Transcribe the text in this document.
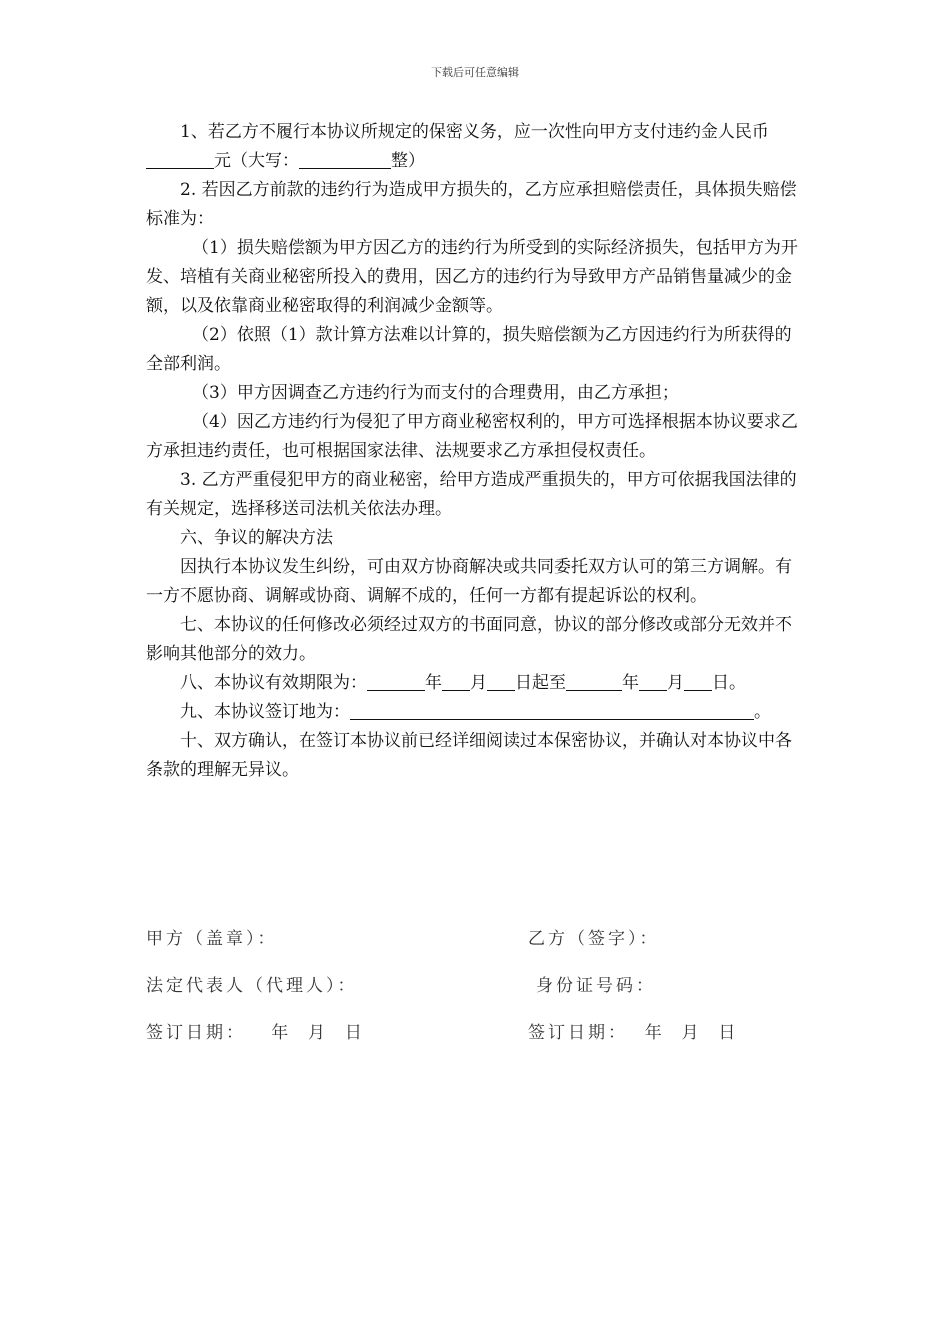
下载后可任意编辑

1、若乙方不履行本协议所规定的保密义务，应一次性向甲方支付违约金人民币元（大写：	整）

2. 若因乙方前款的违约行为造成甲方损失的，乙方应承担赔偿责任，具体损失赔偿标准为：

（1）损失赔偿额为甲方因乙方的违约行为所受到的实际经济损失，包括甲方为开发、培植有关商业秘密所投入的费用，因乙方的违约行为导致甲方产品销售量减少的金额，以及依靠商业秘密取得的利润减少金额等。

（2）依照（1）款计算方法难以计算的，损失赔偿额为乙方因违约行为所获得的全部利润。

（3）甲方因调查乙方违约行为而支付的合理费用，由乙方承担；

（4）因乙方违约行为侵犯了甲方商业秘密权利的，甲方可选择根据本协议要求乙方承担违约责任，也可根据国家法律、法规要求乙方承担侵权责任。

3. 乙方严重侵犯甲方的商业秘密，给甲方造成严重损失的，甲方可依据我国法律的有关规定，选择移送司法机关依法办理。

六、争议的解决方法

因执行本协议发生纠纷，可由双方协商解决或共同委托双方认可的第三方调解。有一方不愿协商、调解或协商、调解不成的，任何一方都有提起诉讼的权利。

七、本协议的任何修改必须经过双方的书面同意，协议的部分修改或部分无效并不影响其他部分的效力。

八、本协议有效期限为：	年 月 日起至	年 月 日。

九、本协议签订地为：	。

十、双方确认，在签订本协议前已经详细阅读过本保密协议，并确认对本协议中各条款的理解无异议。

甲方（盖章）：	乙方（签字）：
法定代表人（代理人）：	身份证号码：
签订日期：   年  月  日	签订日期：  年  月  日
